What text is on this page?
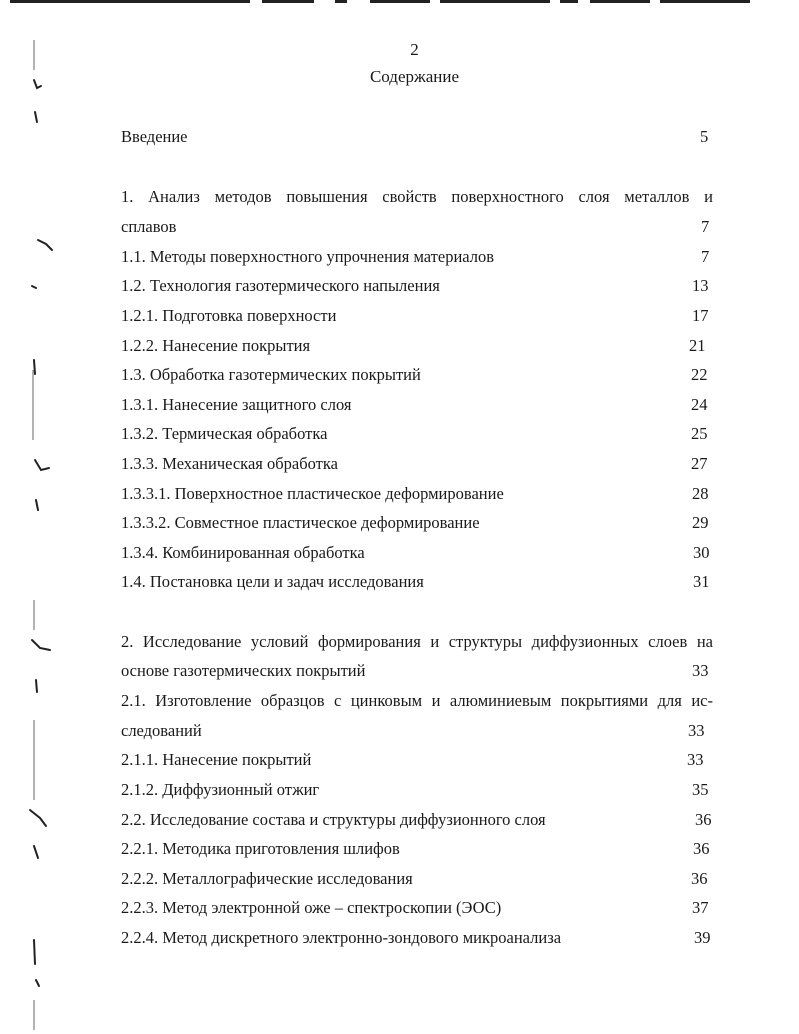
2
Содержание
Введение	5
1. Анализ методов повышения свойств поверхностного слоя металлов и
сплавов	7
1.1. Методы поверхностного упрочнения материалов	7
1.2. Технология газотермического напыления	13
1.2.1. Подготовка поверхности	17
1.2.2. Нанесение покрытия	21
1.3. Обработка газотермических покрытий	22
1.3.1. Нанесение защитного слоя	24
1.3.2. Термическая обработка	25
1.3.3. Механическая обработка	27
1.3.3.1. Поверхностное пластическое деформирование	28
1.3.3.2. Совместное пластическое деформирование	29
1.3.4. Комбинированная обработка	30
1.4. Постановка цели и задач исследования	31
2. Исследование условий формирования и структуры диффузионных слоев на
основе газотермических покрытий	33
2.1. Изготовление образцов с цинковым и алюминиевым покрытиями для ис-
следований	33
2.1.1. Нанесение покрытий	33
2.1.2. Диффузионный отжиг	35
2.2. Исследование состава и структуры диффузионного слоя	36
2.2.1. Методика приготовления шлифов	36
2.2.2. Металлографические исследования	36
2.2.3. Метод электронной оже – спектроскопии (ЭОС)	37
2.2.4. Метод дискретного электронно-зондового микроанализа	39
